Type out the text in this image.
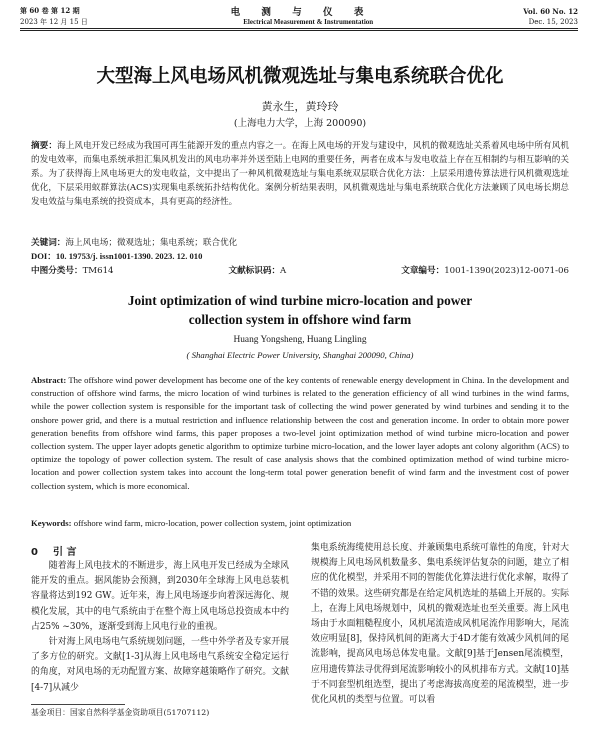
第 60 卷 第 12 期	电 测 与 仪 表	Vol. 60 No. 12
2023 年 12 月 15 日	Electrical Measurement & Instrumentation	Dec. 15, 2023
大型海上风电场风机微观选址与集电系统联合优化
黄永生，黄玲玲
(上海电力大学，上海 200090)
摘要：海上风电开发已经成为我国可再生能源开发的重点内容之一。在海上风电场的开发与建设中，风机的微观选址关系着风电场中所有风机的发电效率，而集电系统承担汇集风机发出的风电功率并外送至陆上电网的重要任务，两者在成本与发电收益上存在互相制约与相互影响的关系。为了获得海上风电场更大的发电收益，文中提出了一种风机微观选址与集电系统双层联合优化方法：上层采用遗传算法进行风机微观选址优化，下层采用蚁群算法(ACS)实现集电系统拓扑结构优化。案例分析结果表明，风机微观选址与集电系统联合优化方法兼顾了风电场长期总发电效益与集电系统的投资成本，具有更高的经济性。
关键词：海上风电场；微观选址；集电系统；联合优化
DOI：10. 19753/j. issn1001-1390. 2023. 12. 010
中图分类号：TM614	文献标识码：A	文章编号：1001-1390(2023)12-0071-06
Joint optimization of wind turbine micro-location and power
collection system in offshore wind farm
Huang Yongsheng, Huang Lingling
( Shanghai Electric Power University, Shanghai 200090, China)
Abstract: The offshore wind power development has become one of the key contents of renewable energy development in China. In the development and construction of offshore wind farms, the micro location of wind turbines is related to the generation efficiency of all wind turbines in the wind farms, while the power collection system is responsible for the important task of collecting the wind power generated by wind turbines and sending it to the onshore power grid, and there is a mutual restriction and influence relationship between the cost and generation income. In order to obtain more power generation benefits from offshore wind farms, this paper proposes a two-level joint optimization method of wind turbine micro-location and power collection system. The upper layer adopts genetic algorithm to optimize turbine micro-location, and the lower layer adopts ant colony algorithm (ACS) to optimize the topology of power collection system. The result of case analysis shows that the combined optimization method of wind turbine micro-location and power collection system takes into account the long-term total power generation benefit of wind farm and the investment cost of power collection system, which is more economical.
Keywords: offshore wind farm, micro-location, power collection system, joint optimization
0 引 言

随着海上风电技术的不断进步，海上风电开发已经成为全球风能开发的重点。据风能协会预测，到2030年全球海上风电总装机容量将达到192 GW。近年来，海上风电场逐步向着深远海化、规模化发展，其中的电气系统由于在整个海上风电场总投资成本中约占25% ~30%，逐渐受到海上风电行业的重视。

针对海上风电场电气系统规划问题，一些中外学者及专家开展了多方位的研究。文献[1-3]从海上风电场电气系统安全稳定运行的角度，对风电场的无功配置方案、故障穿越策略作了研究。文献[4-7]从减少

集电系统海缆使用总长度、并兼顾集电系统可靠性的角度，针对大规模海上风电场风机数量多、集电系统评估复杂的问题，建立了相应的优化模型，并采用不同的智能优化算法进行优化求解，取得了不错的效果。这些研究都是在给定风机选址的基础上开展的。实际上，在海上风电场规划中，风机的微观选址也至关重要。海上风电场由于水面粗糙程度小，风机尾流造成风机尾流作用影响大，尾流效应明显[8]，保持风机间的距离大于4D才能有效减少风机间的尾流影响，提高风电场总体发电量。文献[9]基于Jensen尾流模型，应用遗传算法寻优得到尾流影响较小的风机排布方式。文献[10]基于不同套型机组选型，提出了考虑海拔高度差的尾流模型，进一步优化风机的类型与位置。可以看

基金项目：国家自然科学基金资助项目(51707112)
